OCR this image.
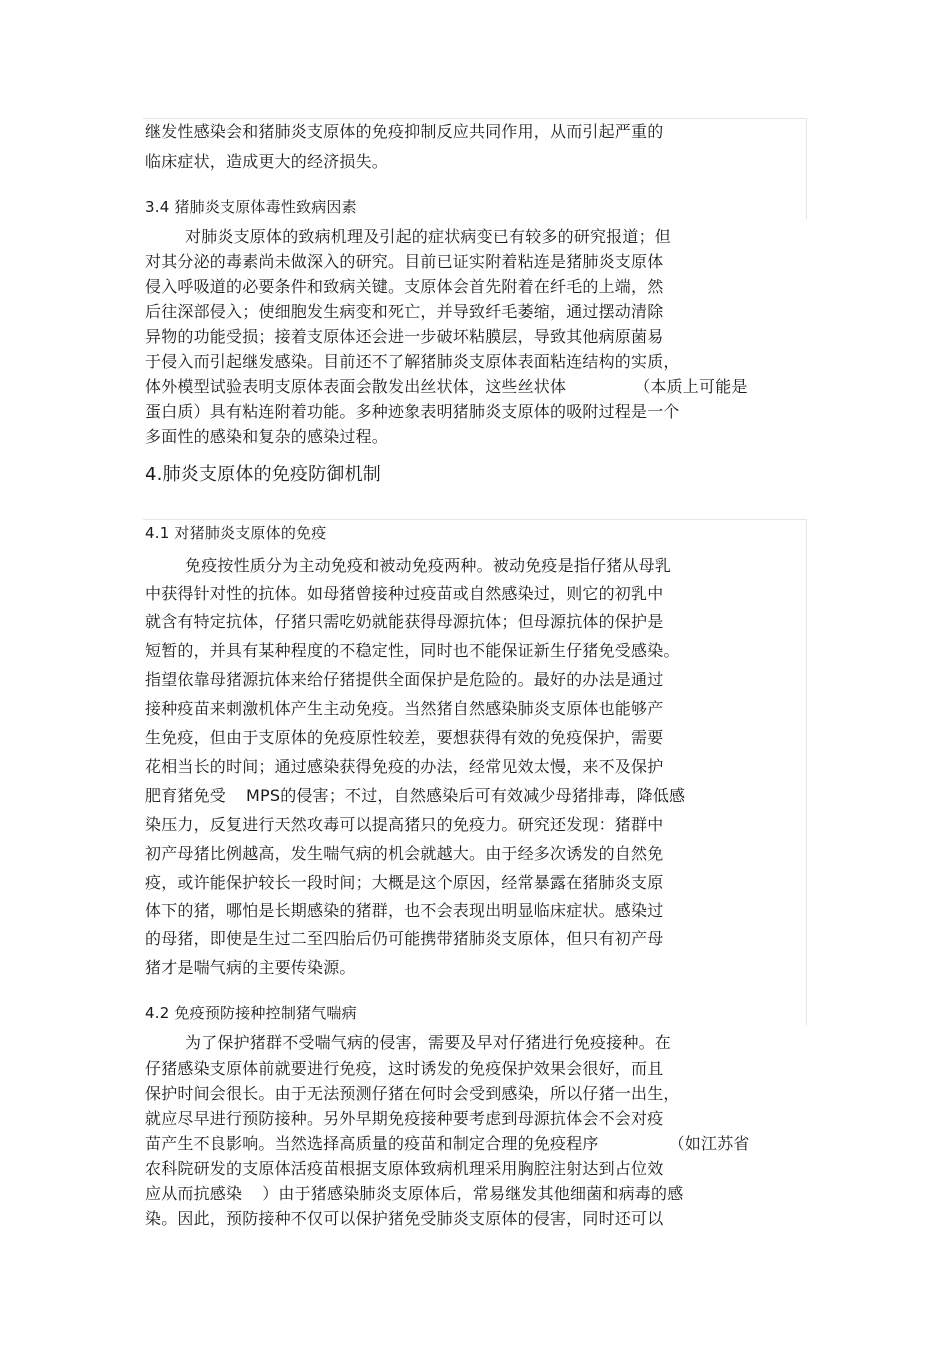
继发性感染会和猪肺炎支原体的免疫抑制反应共同作用，从而引起严重的

临床症状，造成更大的经济损失。

3.4 猪肺炎支原体毒性致病因素

对肺炎支原体的致病机理及引起的症状病变已有较多的研究报道；但

对其分泌的毒素尚未做深入的研究。目前已证实附着粘连是猪肺炎支原体

侵入呼吸道的必要条件和致病关键。支原体会首先附着在纤毛的上端，然

后往深部侵入；使细胞发生病变和死亡，并导致纤毛萎缩，通过摆动清除

异物的功能受损；接着支原体还会进一步破坏粘膜层，导致其他病原菌易

于侵入而引起继发感染。目前还不了解猪肺炎支原体表面粘连结构的实质，

体外模型试验表明支原体表面会散发出丝状体，这些丝状体	（本质上可能是

蛋白质）具有粘连附着功能。多种迹象表明猪肺炎支原体的吸附过程是一个

多面性的感染和复杂的感染过程。

4.肺炎支原体的免疫防御机制

4.1 对猪肺炎支原体的免疫

免疫按性质分为主动免疫和被动免疫两种。被动免疫是指仔猪从母乳

中获得针对性的抗体。如母猪曾接种过疫苗或自然感染过，则它的初乳中

就含有特定抗体，仔猪只需吃奶就能获得母源抗体；但母源抗体的保护是

短暂的，并具有某种程度的不稳定性，同时也不能保证新生仔猪免受感染。

指望依靠母猪源抗体来给仔猪提供全面保护是危险的。最好的办法是通过

接种疫苗来刺激机体产生主动免疫。当然猪自然感染肺炎支原体也能够产

生免疫，但由于支原体的免疫原性较差，要想获得有效的免疫保护，需要

花相当长的时间；通过感染获得免疫的办法，经常见效太慢，来不及保护

肥育猪免受 MPS的侵害；不过，自然感染后可有效减少母猪排毒，降低感

染压力，反复进行天然攻毒可以提高猪只的免疫力。研究还发现：猪群中

初产母猪比例越高，发生喘气病的机会就越大。由于经多次诱发的自然免

疫，或许能保护较长一段时间；大概是这个原因，经常暴露在猪肺炎支原

体下的猪，哪怕是长期感染的猪群，也不会表现出明显临床症状。感染过

的母猪，即使是生过二至四胎后仍可能携带猪肺炎支原体，但只有初产母

猪才是喘气病的主要传染源。

4.2 免疫预防接种控制猪气喘病

为了保护猪群不受喘气病的侵害，需要及早对仔猪进行免疫接种。在

仔猪感染支原体前就要进行免疫，这时诱发的免疫保护效果会很好，而且

保护时间会很长。由于无法预测仔猪在何时会受到感染，所以仔猪一出生，

就应尽早进行预防接种。另外早期免疫接种要考虑到母源抗体会不会对疫

苗产生不良影响。当然选择高质量的疫苗和制定合理的免疫程序	（如江苏省

农科院研发的支原体活疫苗根据支原体致病机理采用胸腔注射达到占位效

应从而抗感染 ）由于猪感染肺炎支原体后，常易继发其他细菌和病毒的感

染。因此，预防接种不仅可以保护猪免受肺炎支原体的侵害，同时还可以
